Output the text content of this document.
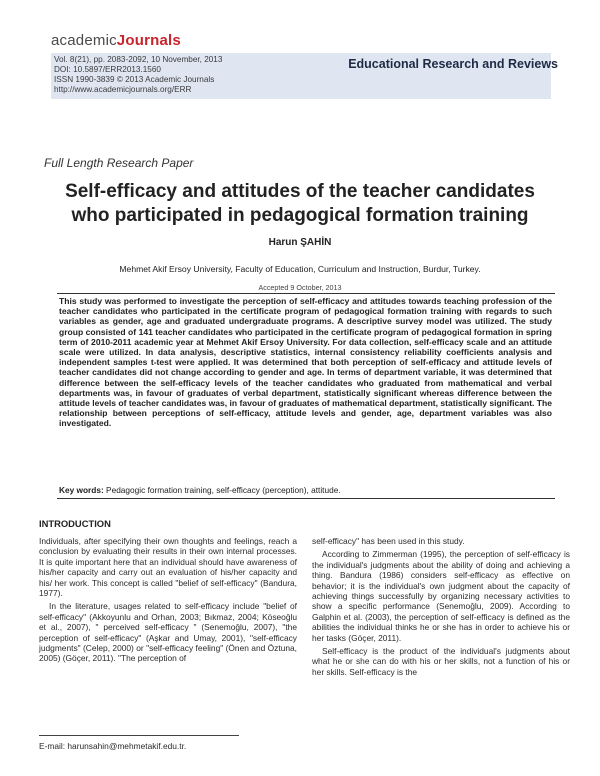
academicJournals
Vol. 8(21), pp. 2083-2092, 10 November, 2013
DOI: 10.5897/ERR2013.1560
ISSN 1990-3839 © 2013 Academic Journals
http://www.academicjournals.org/ERR
Educational Research and Reviews
Full Length Research Paper
Self-efficacy and attitudes of the teacher candidates
who participated in pedagogical formation training
Harun ŞAHİN
Mehmet Akif Ersoy University, Faculty of Education, Curriculum and Instruction, Burdur, Turkey.
Accepted 9 October, 2013
This study was performed to investigate the perception of self-efficacy and attitudes towards teaching profession of the teacher candidates who participated in the certificate program of pedagogical formation training with regards to such variables as gender, age and graduated undergraduate programs. A descriptive survey model was utilized. The study group consisted of 141 teacher candidates who participated in the certificate program of pedagogical formation in spring term of 2010-2011 academic year at Mehmet Akif Ersoy University. For data collection, self-efficacy scale and an attitude scale were utilized. In data analysis, descriptive statistics, internal consistency reliability coefficients analysis and independent samples t-test were applied. It was determined that both perception of self-efficacy and attitude levels of teacher candidates did not change according to gender and age. In terms of department variable, it was determined that difference between the self-efficacy levels of the teacher candidates who graduated from mathematical and verbal departments was, in favour of graduates of verbal department, statistically significant whereas difference between the attitude levels of teacher candidates was, in favour of graduates of mathematical department, statistically significant. The relationship between perceptions of self-efficacy, attitude levels and gender, age, department variables was also investigated.
Key words: Pedagogic formation training, self-efficacy (perception), attitude.
INTRODUCTION

Individuals, after specifying their own thoughts and feelings, reach a conclusion by evaluating their results in their own internal processes. It is quite important here that an individual should have awareness of his/her capacity and carry out an evaluation of his/her capacity and his/ her work. This concept is called "belief of self-efficacy" (Bandura, 1977).

In the literature, usages related to self-efficacy include "belief of self-efficacy" (Akkoyunlu and Orhan, 2003; Bıkmaz, 2004; Köseoğlu et al., 2007), " perceived self-efficacy " (Senemoğlu, 2007), "the perception of self-efficacy" (Aşkar and Umay, 2001), "self-efficacy judgments" (Celep, 2000) or "self-efficacy feeling" (Önen and Öztuna, 2005) (Göçer, 2011). "The perception of

self-efficacy" has been used in this study.

According to Zimmerman (1995), the perception of self-efficacy is the individual's judgments about the ability of doing and achieving a thing. Bandura (1986) considers self-efficacy as effective on behavior; it is the individual's own judgment about the capacity of achieving things successfully by organizing necessary activities to show a specific performance (Senemoğlu, 2009). According to Galphin et al. (2003), the perception of self-efficacy is defined as the abilities the individual thinks he or she has in order to achieve his or her tasks (Göçer, 2011).

Self-efficacy is the product of the individual's judgments about what he or she can do with his or her skills, not a function of his or her skills. Self-efficacy is the

E-mail: harunsahin@mehmetakif.edu.tr.
